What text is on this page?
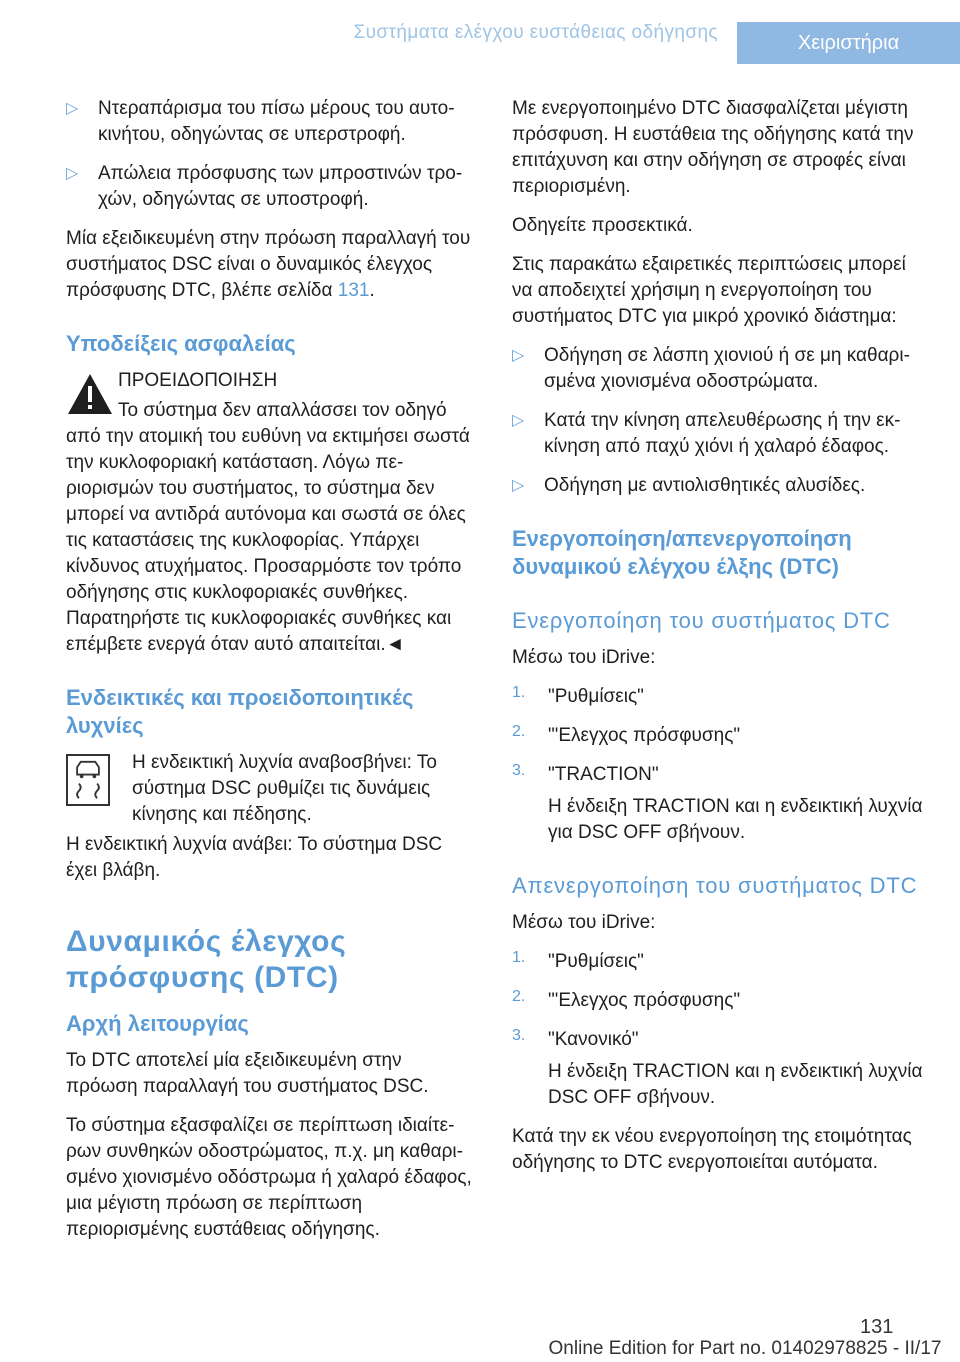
Συστήματα ελέγχου ευστάθειας οδήγησης	Χειριστήρια
▷ Ντεραπάρισμα του πίσω μέρους του αυτοκινήτου, οδηγώντας σε υπερστροφή.

▷ Απώλεια πρόσφυσης των μπροστινών τροχών, οδηγώντας σε υποστροφή.

Μία εξειδικευμένη στην πρόωση παραλλαγή του συστήματος DSC είναι ο δυναμικός έλεγχος πρόσφυσης DTC, βλέπε σελίδα 131.

Υποδείξεις ασφαλείας

ΠΡΟΕΙΔΟΠΟΙΗΣΗ

Το σύστημα δεν απαλλάσσει τον οδηγό

από την ατομική του ευθύνη να εκτιμήσει σωστά την κυκλοφοριακή κατάσταση. Λόγω περιορισμών του συστήματος, το σύστημα δεν μπορεί να αντιδρά αυτόνομα και σωστά σε όλες τις καταστάσεις της κυκλοφορίας. Υπάρχει κίνδυνος ατυχήματος. Προσαρμόστε τον τρόπο οδήγησης στις κυκλοφοριακές συνθήκες. Παρατηρήστε τις κυκλοφοριακές συνθήκες και επέμβετε ενεργά όταν αυτό απαιτείται.◄

Ενδεικτικές και προειδοποιητικές λυχνίες

Η ενδεικτική λυχνία αναβοσβήνει: Το σύστημα DSC ρυθμίζει τις δυνάμεις κίνησης και πέδησης.

Η ενδεικτική λυχνία ανάβει: Το σύστημα DSC έχει βλάβη.

Δυναμικός έλεγχος πρόσφυσης (DTC)
Αρχή λειτουργίας

Το DTC αποτελεί μία εξειδικευμένη στην πρόωση παραλλαγή του συστήματος DSC.

Το σύστημα εξασφαλίζει σε περίπτωση ιδιαίτερων συνθηκών οδοστρώματος, π.χ. μη καθαρισμένο χιονισμένο οδόστρωμα ή χαλαρό έδαφος, μια μέγιστη πρόωση σε περίπτωση περιορισμένης ευστάθειας οδήγησης.

Με ενεργοποιημένο DTC διασφαλίζεται μέγιστη πρόσφυση. Η ευστάθεια της οδήγησης κατά την επιτάχυνση και στην οδήγηση σε στροφές είναι περιορισμένη.

Οδηγείτε προσεκτικά.

Στις παρακάτω εξαιρετικές περιπτώσεις μπορεί να αποδειχτεί χρήσιμη η ενεργοποίηση του συστήματος DTC για μικρό χρονικό διάστημα:

▷ Οδήγηση σε λάσπη χιονιού ή σε μη καθαρισμένα χιονισμένα οδοστρώματα.

▷ Κατά την κίνηση απελευθέρωσης ή την εκκίνηση από παχύ χιόνι ή χαλαρό έδαφος.

▷ Οδήγηση με αντιολισθητικές αλυσίδες.

Ενεργοποίηση/απενεργοποίηση δυναμικού ελέγχου έλξης (DTC)
Ενεργοποίηση του συστήματος DTC

Μέσω του iDrive:

1. "Ρυθμίσεις"

2. "'Ελεγχος πρόσφυσης"

3. "TRACTION"

Η ένδειξη TRACTION και η ενδεικτική λυχνία για DSC OFF σβήνουν.

Απενεργοποίηση του συστήματος DTC

Μέσω του iDrive:

1. "Ρυθμίσεις"

2. "'Ελεγχος πρόσφυσης"

3. "Κανονικό"

Η ένδειξη TRACTION και η ενδεικτική λυχνία DSC OFF σβήνουν.

Κατά την εκ νέου ενεργοποίηση της ετοιμότητας οδήγησης το DTC ενεργοποιείται αυτόματα.

131
Online Edition for Part no. 01402978825 - II/17
